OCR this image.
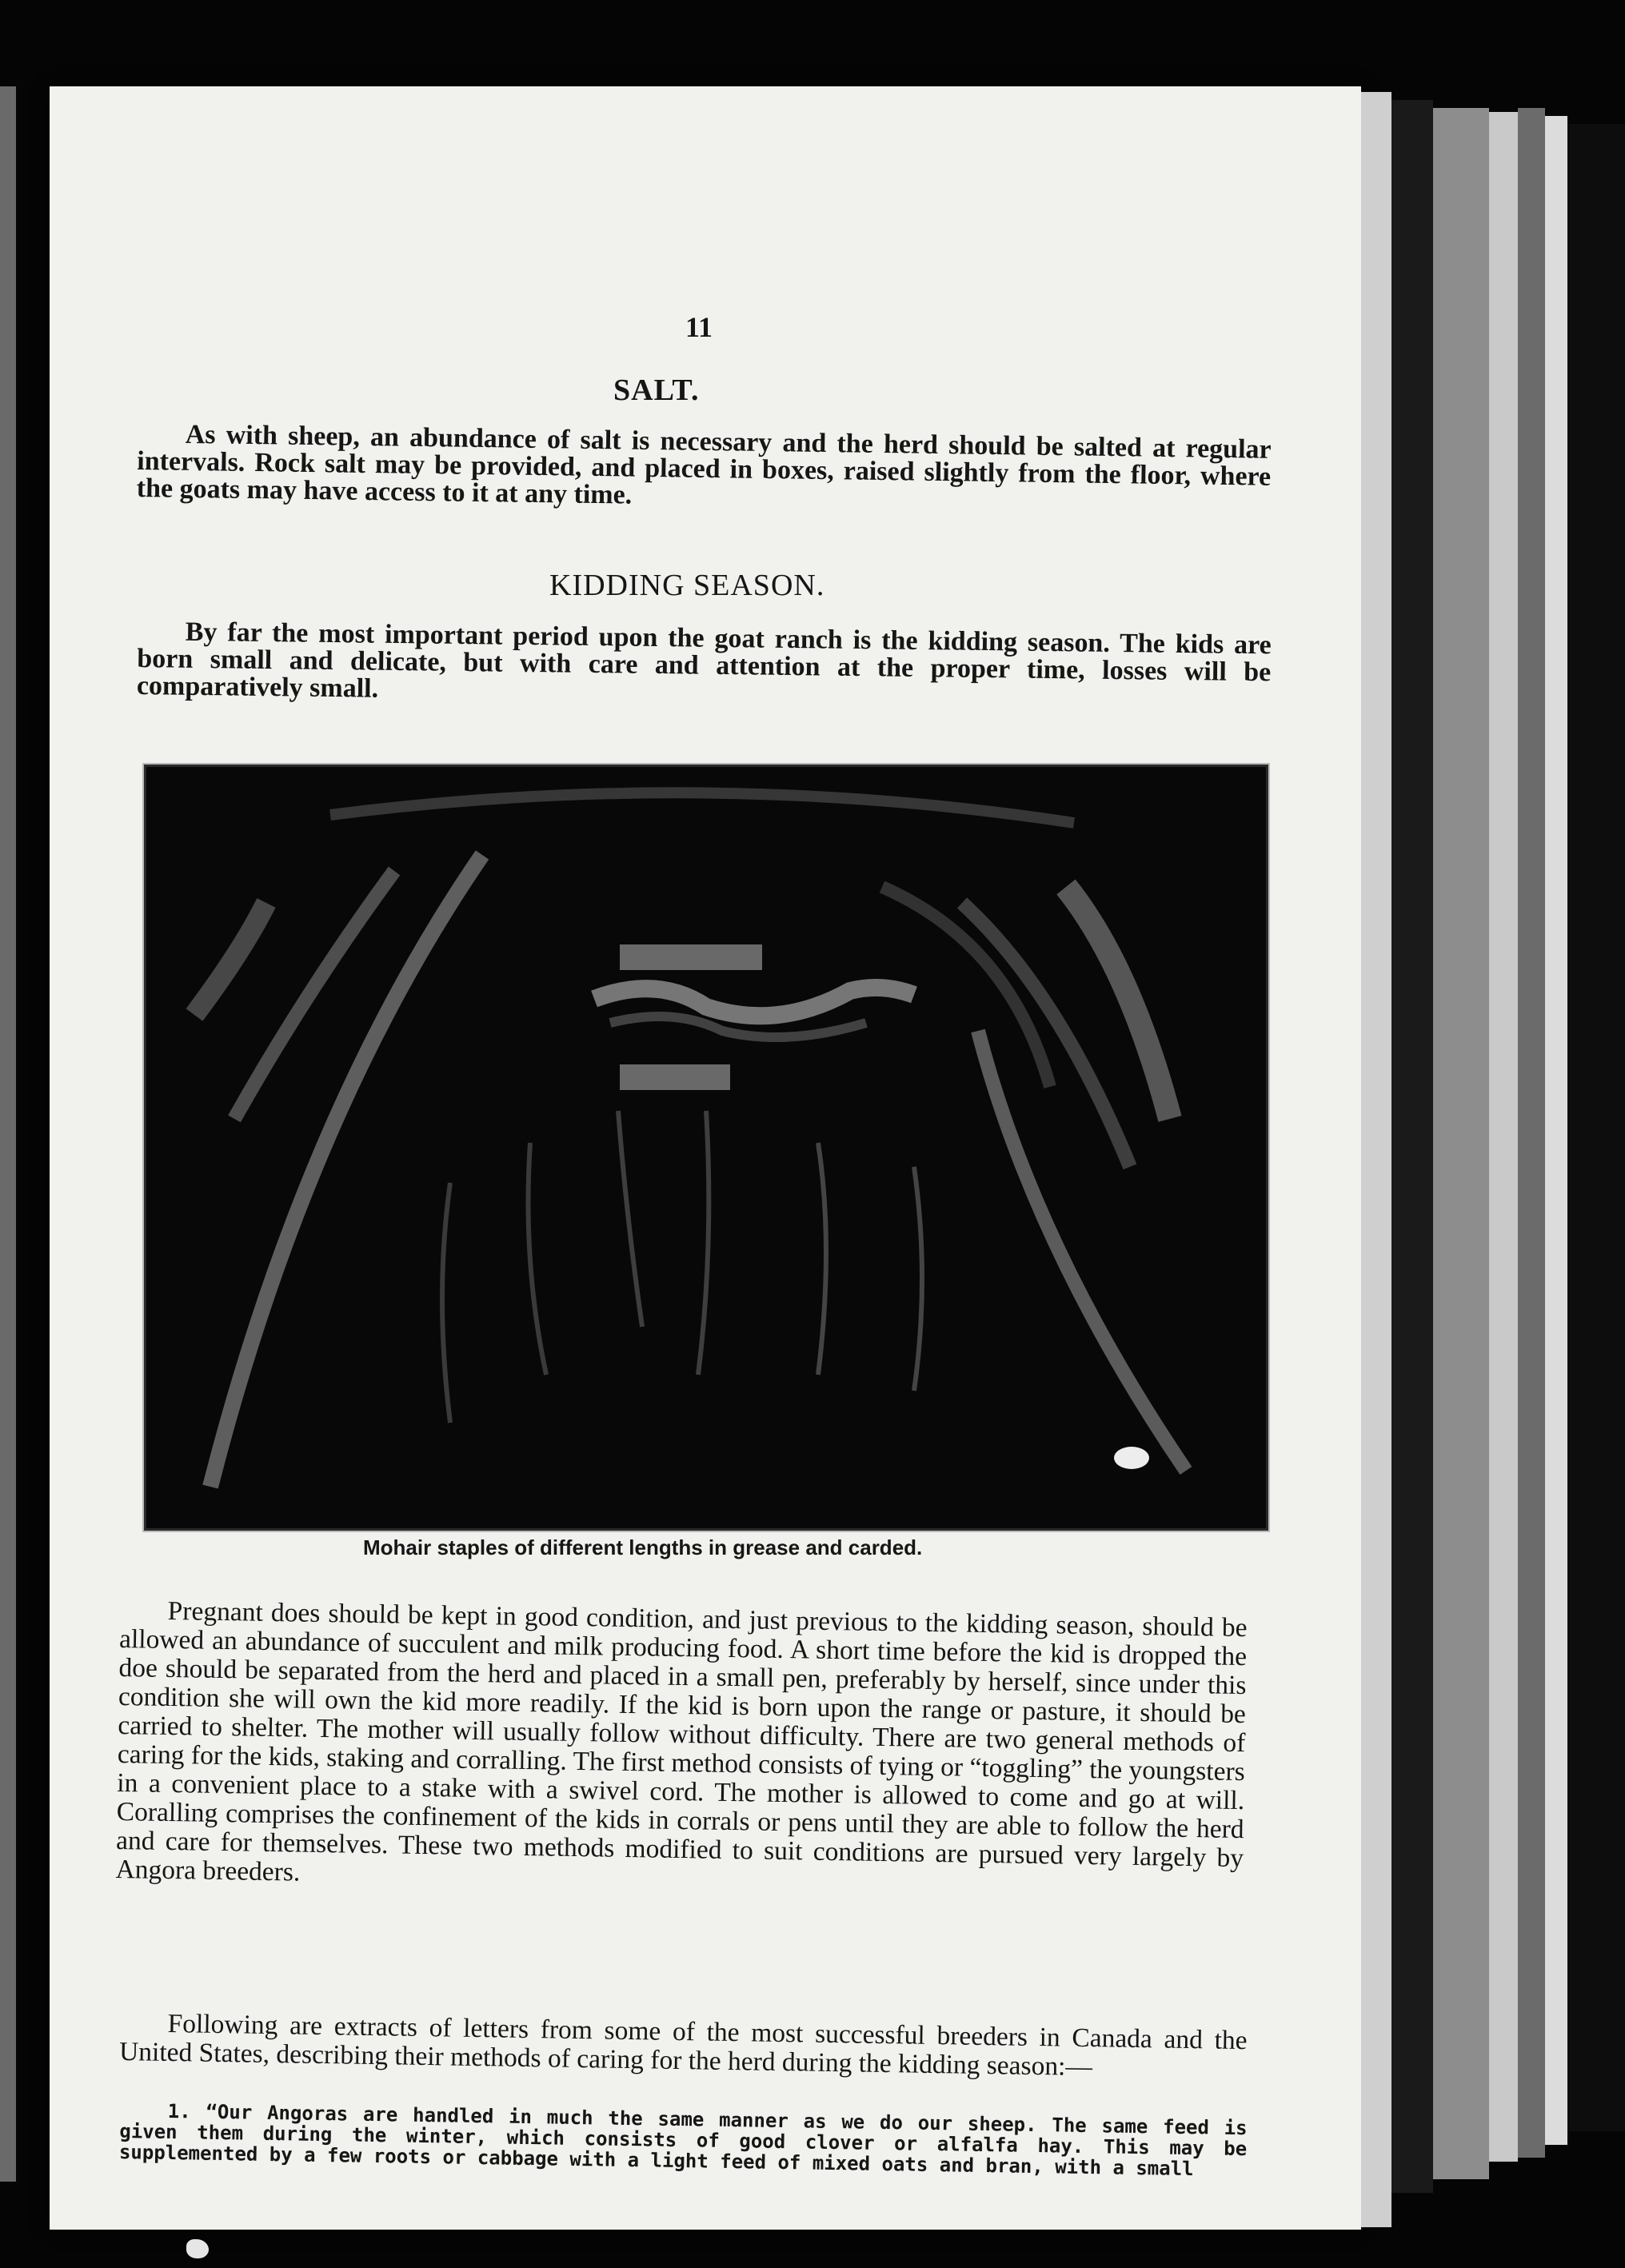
11
SALT.

As with sheep, an abundance of salt is necessary and the herd should be salted at regular intervals. Rock salt may be provided, and placed in boxes, raised slightly from the floor, where the goats may have access to it at any time.

KIDDING SEASON.

By far the most important period upon the goat ranch is the kidding season. The kids are born small and delicate, but with care and attention at the proper time, losses will be comparatively small.

Mohair staples of different lengths in grease and carded.

Pregnant does should be kept in good condition, and just previous to the kidding season, should be allowed an abundance of succulent and milk producing food. A short time before the kid is dropped the doe should be separated from the herd and placed in a small pen, preferably by herself, since under this condition she will own the kid more readily. If the kid is born upon the range or pasture, it should be carried to shelter. The mother will usually follow without difficulty. There are two general methods of caring for the kids, staking and corralling. The first method consists of tying or “toggling” the youngsters in a convenient place to a stake with a swivel cord. The mother is allowed to come and go at will. Coralling comprises the confinement of the kids in corrals or pens until they are able to follow the herd and care for themselves. These two methods modified to suit conditions are pursued very largely by Angora breeders.

Following are extracts of letters from some of the most successful breeders in Canada and the United States, describing their methods of caring for the herd during the kidding season:—

1. “Our Angoras are handled in much the same manner as we do our sheep. The same feed is given them during the winter, which consists of good clover or alfalfa hay. This may be supplemented by a few roots or cabbage with a light feed of mixed oats and bran, with a small
